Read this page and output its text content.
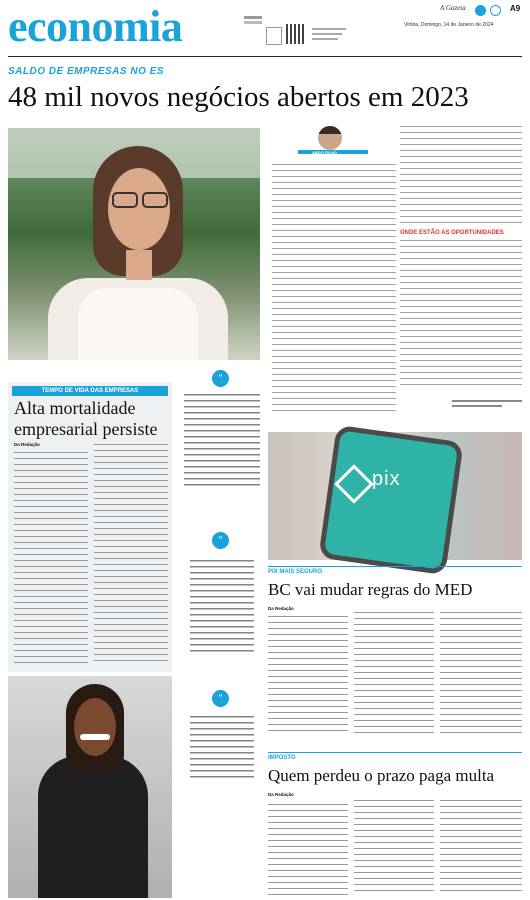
economia	A Gazeta
	A9
Vitória, Domingo, 14 de Janeiro de 2024
SALDO DE EMPRESAS NO ES
48 mil novos negócios abertos em 2023
ABDO FILHO
ONDE ESTÃO AS OPORTUNIDADES
TEMPO DE VIDA DAS EMPRESAS
Alta mortalidade empresarial persiste
Da Redação
“
“
“
pix
PIX MAIS SEGURO
BC vai mudar regras do MED
Da Redação
IMPOSTO
Quem perdeu o prazo paga multa
Da Redação
